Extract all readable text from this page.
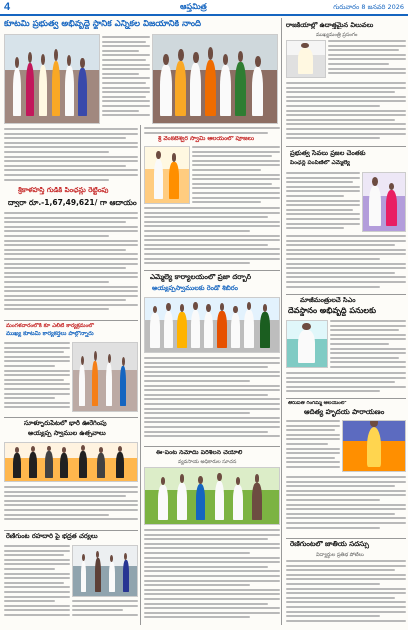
4	ఆప్తమిత్ర	గురువారం 8 జనవరి 2026
కూటమి ప్రభుత్వ అభివృద్ధే స్థానిక ఎన్నికల విజయానికి నాంది
శ్రీకాళహస్తి గుడికి పింఛన్లు రెట్టింపు
ద్వారా రూ.-1,67,49,621/ గా ఆదాయం
మంగళవారంలోకి కూ ఎలీటి కార్యక్రమంలో
ముఖ్య కూటమి కార్యకర్తలు పాల్గొన్నారు
సూళ్ళూరుపేటలో భారీ ఊరేగింపు
అయ్యప్ప స్వాముల ఉత్సవాలు
రేణిగుంట రహదారి పై భద్రత చర్యలు
శ్రీ వెంకటేశ్వర స్వామి ఆలయంలో పూజలు
ఎమ్మెల్యే కార్యాలయంలో ప్రజా దర్బార్
అయ్యప్పస్వాములకు రెండో శిబిరం
ఈ-పంట నమోదు పరిశీలన చేయాలి
వ్యవసాయ అధికారుల సూచన
రాజకీయాల్లో ఉదాత్తమైన విలువలు
ముఖ్యమంత్రి ప్రసంగం
ప్రభుత్వ సేవలు ప్రజల చెంతకు
పింఛన్ల పంపిణీలో ఎమ్మెల్యే
మాజీమంత్రులచే సీఎం
దేవస్థానం అభివృద్ధి పనులకు
తిరుపతి గంగమ్మ ఆలయంలో
ఆదిత్య హృదయ పారాయణం
రేణిగుంటలో జాతీయ సదస్సు
విద్యార్థుల ప్రతిభ పోటీలు
